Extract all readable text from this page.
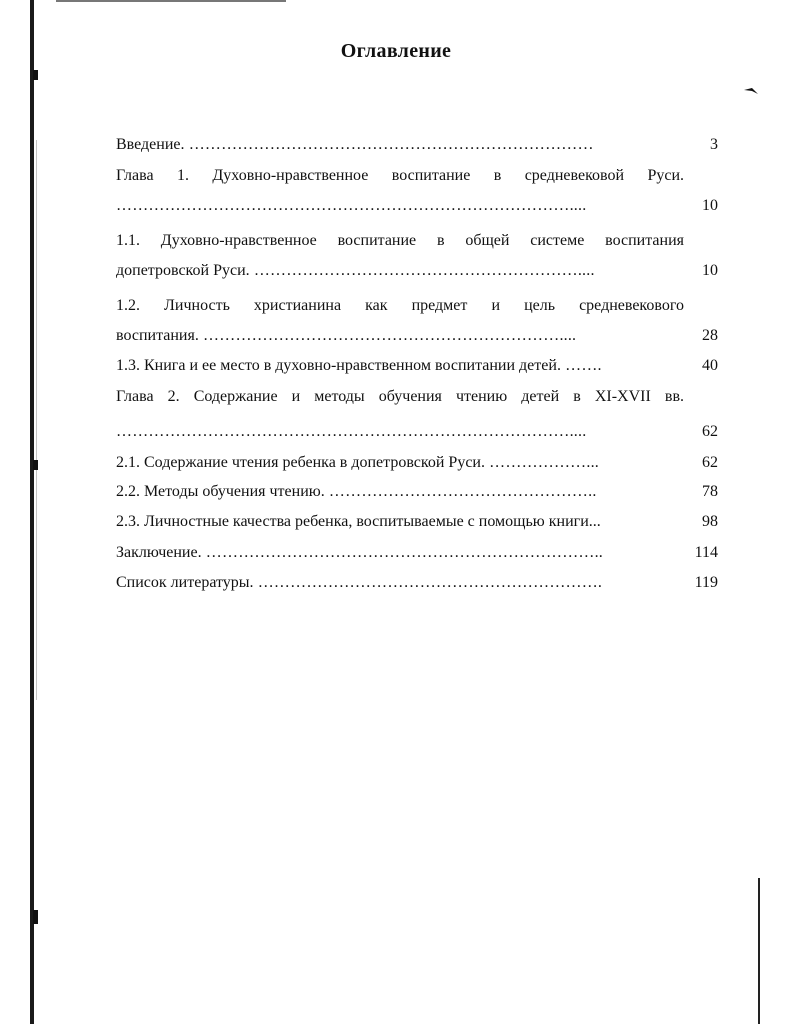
Оглавление
Введение. …………………………………………………………………	3
Глава 1. Духовно-нравственное воспитание в средневековой Руси.
…………………………………………………………………………....	10
1.1. Духовно-нравственное воспитание в общей системе воспитания
допетровской Руси. ……………………………………………………....	10
1.2. Личность христианина как предмет и цель средневекового
воспитания. …………………………………………………………....	28
1.3. Книга и ее место в духовно-нравственном воспитании детей. …….	40
Глава 2. Содержание и методы обучения чтению детей в XI-XVII вв.
…………………………………………………………………………....	62
2.1. Содержание чтения ребенка в допетровской Руси. ………………...	62
2.2. Методы обучения чтению. …………………………………………..	78
2.3. Личностные качества ребенка, воспитываемые с помощью книги...	98
Заключение. ………………………………………………………………..	114
Список литературы. ……………………………………………………….	119
